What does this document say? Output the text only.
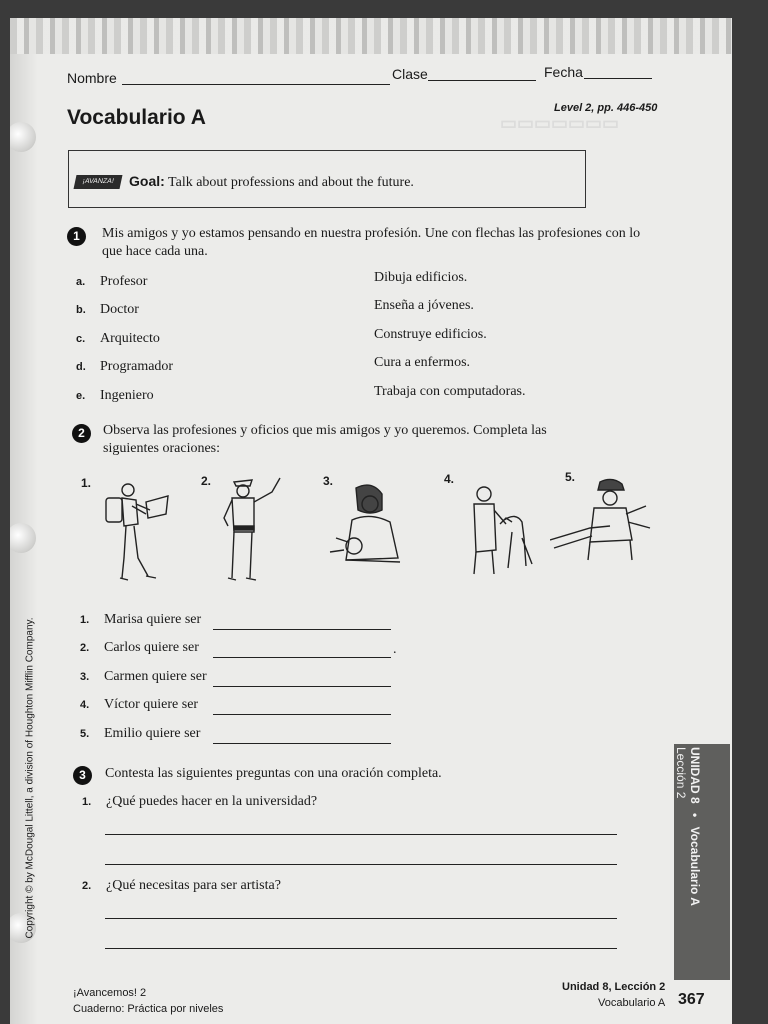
▭▭▭▭▭▭▭
Nombre	Clase	Fecha
Vocabulario A	Level 2, pp. 446-450
¡AVANZA!	Goal: Talk about professions and about the future.
1	Mis amigos y yo estamos pensando en nuestra profesión. Une con flechas las profesiones con lo que hace cada una.
a. Profesor
b. Doctor
c. Arquitecto
d. Programador
e. Ingeniero
Dibuja edificios.
Enseña a jóvenes.
Construye edificios.
Cura a enfermos.
Trabaja con computadoras.
2	Observa las profesiones y oficios que mis amigos y yo queremos. Completa las siguientes oraciones:
1.	2.	3.	4.	5.
1. Marisa quiere ser
2. Carlos quiere ser	.
3. Carmen quiere ser
4. Víctor quiere ser
5. Emilio quiere ser
3	Contesta las siguientes preguntas con una oración completa.
1. ¿Qué puedes hacer en la universidad?
2. ¿Qué necesitas para ser artista?
UNIDAD 8 • Vocabulario A
Lección 2
Copyright © by McDougal Littell, a division of Houghton Mifflin Company.
¡Avancemos! 2
Cuaderno: Práctica por niveles
Unidad 8, Lección 2
Vocabulario A 367
